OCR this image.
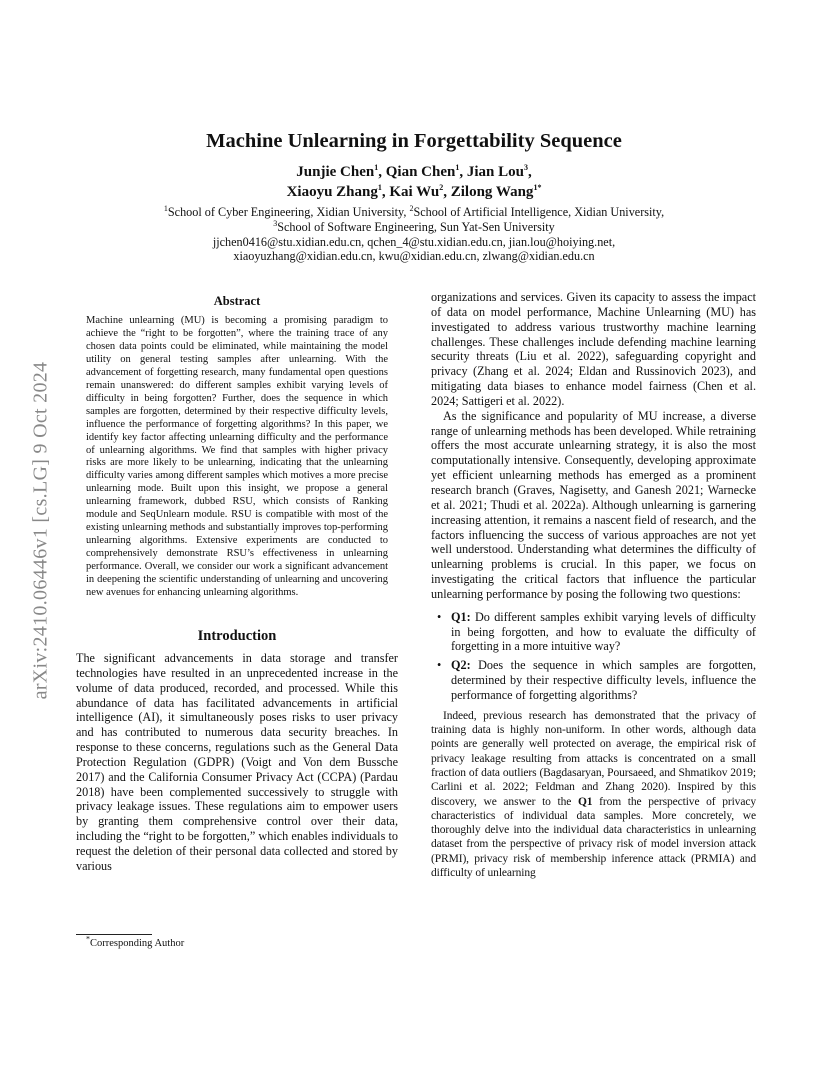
arXiv:2410.06446v1 [cs.LG] 9 Oct 2024
Machine Unlearning in Forgettability Sequence
Junjie Chen$^1$, Qian Chen$^1$, Jian Lou$^3$,
Xiaoyu Zhang$^1$, Kai Wu$^2$, Zilong Wang$^{1*}$
$^1$School of Cyber Engineering, Xidian University, $^2$School of Artificial Intelligence, Xidian University,
$^3$School of Software Engineering, Sun Yat-Sen University
jjchen0416@stu.xidian.edu.cn, qchen_4@stu.xidian.edu.cn, jian.lou@hoiying.net,
xiaoyuzhang@xidian.edu.cn, kwu@xidian.edu.cn, zlwang@xidian.edu.cn
Abstract
Machine unlearning (MU) is becoming a promising paradigm to achieve the “right to be forgotten”, where the training trace of any chosen data points could be eliminated, while maintaining the model utility on general testing samples after unlearning. With the advancement of forgetting research, many fundamental open questions remain unanswered: do different samples exhibit varying levels of difficulty in being forgotten? Further, does the sequence in which samples are forgotten, determined by their respective difficulty levels, influence the performance of forgetting algorithms? In this paper, we identify key factor affecting unlearning difficulty and the performance of unlearning algorithms. We find that samples with higher privacy risks are more likely to be unlearning, indicating that the unlearning difficulty varies among different samples which motives a more precise unlearning mode. Built upon this insight, we propose a general unlearning framework, dubbed RSU, which consists of Ranking module and SeqUnlearn module. RSU is compatible with most of the existing unlearning methods and substantially improves top-performing unlearning algorithms. Extensive experiments are conducted to comprehensively demonstrate RSU’s effectiveness in unlearning performance. Overall, we consider our work a significant advancement in deepening the scientific understanding of unlearning and uncovering new avenues for enhancing unlearning algorithms.
Introduction

The significant advancements in data storage and transfer technologies have resulted in an unprecedented increase in the volume of data produced, recorded, and processed. While this abundance of data has facilitated advancements in artificial intelligence (AI), it simultaneously poses risks to user privacy and has contributed to numerous data security breaches. In response to these concerns, regulations such as the General Data Protection Regulation (GDPR) (Voigt and Von dem Bussche 2017) and the California Consumer Privacy Act (CCPA) (Pardau 2018) have been complemented successively to struggle with privacy leakage issues. These regulations aim to empower users by granting them comprehensive control over their data, including the “right to be forgotten,” which enables individuals to request the deletion of their personal data collected and stored by various

organizations and services. Given its capacity to assess the impact of data on model performance, Machine Unlearning (MU) has investigated to address various trustworthy machine learning challenges. These challenges include defending machine learning security threats (Liu et al. 2022), safeguarding copyright and privacy (Zhang et al. 2024; Eldan and Russinovich 2023), and mitigating data biases to enhance model fairness (Chen et al. 2024; Sattigeri et al. 2022).

As the significance and popularity of MU increase, a diverse range of unlearning methods has been developed. While retraining offers the most accurate unlearning strategy, it is also the most computationally intensive. Consequently, developing approximate yet efficient unlearning methods has emerged as a prominent research branch (Graves, Nagisetty, and Ganesh 2021; Warnecke et al. 2021; Thudi et al. 2022a). Although unlearning is garnering increasing attention, it remains a nascent field of research, and the factors influencing the success of various approaches are not yet well understood. Understanding what determines the difficulty of unlearning problems is crucial. In this paper, we focus on investigating the critical factors that influence the particular unlearning performance by posing the following two questions:

• Q1: Do different samples exhibit varying levels of difficulty in being forgotten, and how to evaluate the difficulty of forgetting in a more intuitive way?
• Q2: Does the sequence in which samples are forgotten, determined by their respective difficulty levels, influence the performance of forgetting algorithms?

Indeed, previous research has demonstrated that the privacy of training data is highly non-uniform. In other words, although data points are generally well protected on average, the empirical risk of privacy leakage resulting from attacks is concentrated on a small fraction of data outliers (Bagdasaryan, Poursaeed, and Shmatikov 2019; Carlini et al. 2022; Feldman and Zhang 2020). Inspired by this discovery, we answer to the Q1 from the perspective of privacy characteristics of individual data samples. More concretely, we thoroughly delve into the individual data characteristics in unlearning dataset from the perspective of privacy risk of model inversion attack (PRMI), privacy risk of membership inference attack (PRMIA) and difficulty of unlearning

*Corresponding Author
